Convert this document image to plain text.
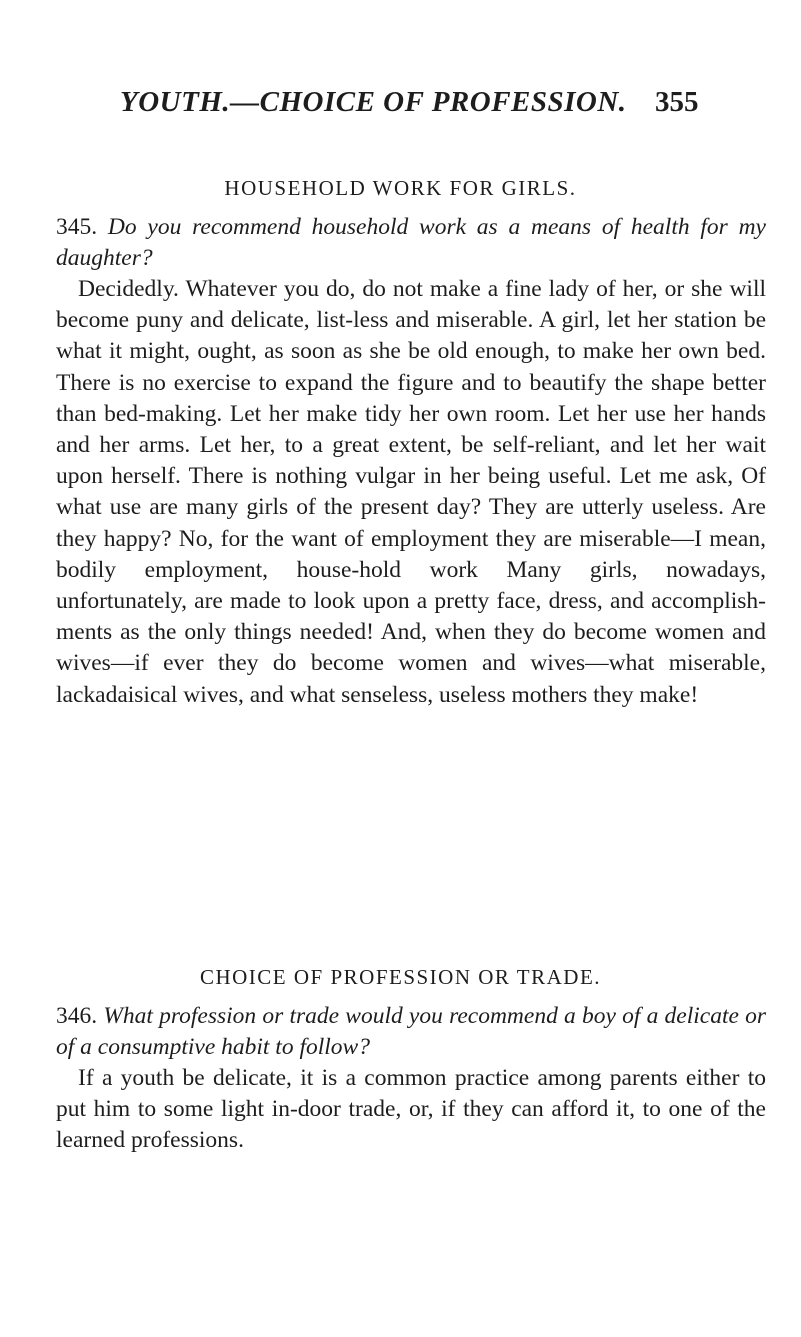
YOUTH.—CHOICE OF PROFESSION. 355
HOUSEHOLD WORK FOR GIRLS.
345. Do you recommend household work as a means of health for my daughter?
Decidedly. Whatever you do, do not make a fine lady of her, or she will become puny and delicate, list-less and miserable. A girl, let her station be what it might, ought, as soon as she be old enough, to make her own bed. There is no exercise to expand the figure and to beautify the shape better than bed-making. Let her make tidy her own room. Let her use her hands and her arms. Let her, to a great extent, be self-reliant, and let her wait upon herself. There is nothing vulgar in her being useful. Let me ask, Of what use are many girls of the present day? They are utterly useless. Are they happy? No, for the want of employment they are miserable—I mean, bodily employment, house-hold work Many girls, nowadays, unfortunately, are made to look upon a pretty face, dress, and accomplish-ments as the only things needed! And, when they do become women and wives—if ever they do become women and wives—what miserable, lackadaisical wives, and what senseless, useless mothers they make!
CHOICE OF PROFESSION OR TRADE.
346. What profession or trade would you recommend a boy of a delicate or of a consumptive habit to follow?
If a youth be delicate, it is a common practice among parents either to put him to some light in-door trade, or, if they can afford it, to one of the learned professions.
